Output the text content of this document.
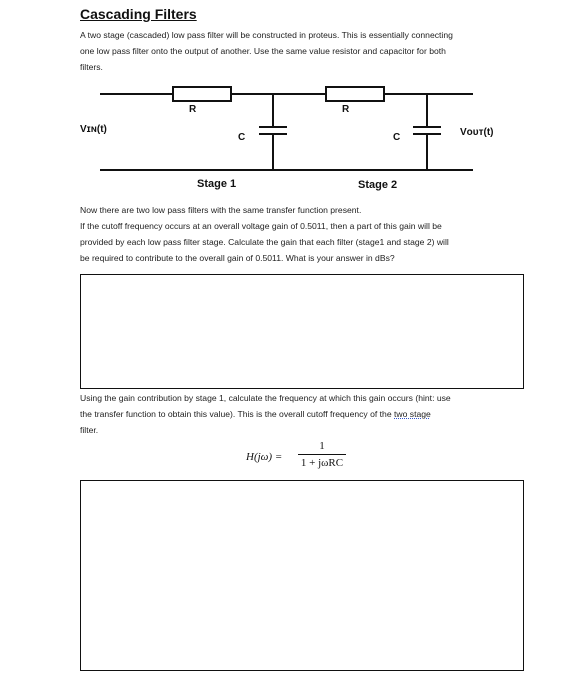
Cascading Filters
A two stage (cascaded) low pass filter will be constructed in proteus. This is essentially connecting
one low pass filter onto the output of another. Use the same value resistor and capacitor for both
filters.
R	R
C	C
Vɪɴ(t)	Vᴏᴜᴛ(t)
Stage 1	Stage 2
Now there are two low pass filters with the same transfer function present.
If the cutoff frequency occurs at an overall voltage gain of 0.5011, then a part of this gain will be
provided by each low pass filter stage. Calculate the gain that each filter (stage1 and stage 2) will
be required to contribute to the overall gain of 0.5011. What is your answer in dBs?
Using the gain contribution by stage 1, calculate the frequency at which this gain occurs (hint: use
the transfer function to obtain this value). This is the overall cutoff frequency of the two stage
filter.
H(jω) =
1
1 + jωRC
